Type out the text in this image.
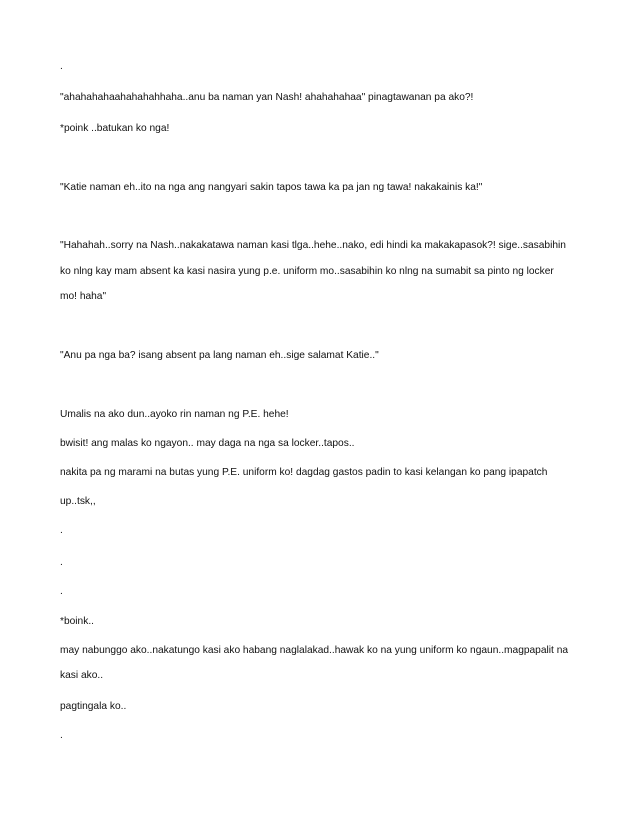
.
"ahahahahaahahahahhaha..anu ba naman yan Nash! ahahahahaa" pinagtawanan pa ako?!
*poink ..batukan ko nga!
"Katie naman eh..ito na nga ang nangyari sakin tapos tawa ka pa jan ng tawa! nakakainis ka!"
"Hahahah..sorry na Nash..nakakatawa naman kasi tlga..hehe..nako, edi hindi ka makakapasok?! sige..sasabihin
ko nlng kay mam absent ka kasi nasira yung p.e. uniform mo..sasabihin ko nlng na sumabit sa pinto ng locker
mo! haha"
"Anu pa nga ba? isang absent pa lang naman eh..sige salamat Katie.."
Umalis na ako dun..ayoko rin naman ng P.E. hehe!
bwisit! ang malas ko ngayon.. may daga na nga sa locker..tapos..
nakita pa ng marami na butas yung P.E. uniform ko! dagdag gastos padin to kasi kelangan ko pang ipapatch
up..tsk,,
.
.
.
*boink..
may nabunggo ako..nakatungo kasi ako habang naglalakad..hawak ko na yung uniform ko ngaun..magpapalit na
kasi ako..
pagtingala ko..
.
